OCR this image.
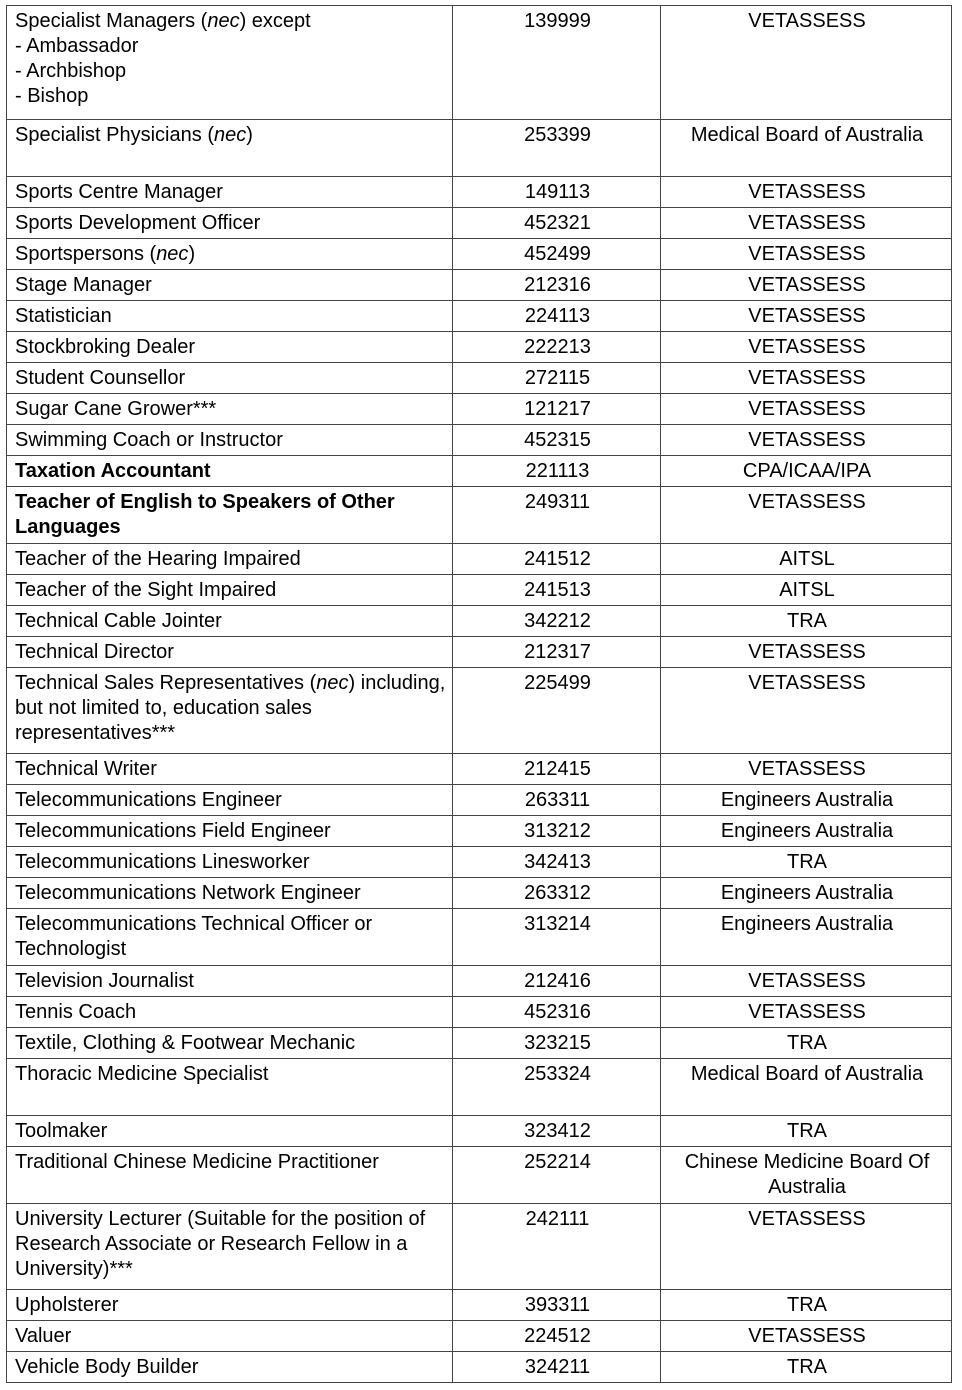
Specialist Managers (nec) except
- Ambassador
- Archbishop
- Bishop	139999	VETASSESS
Specialist Physicians (nec)	253399	Medical Board of Australia
Sports Centre Manager	149113	VETASSESS
Sports Development Officer	452321	VETASSESS
Sportspersons (nec)	452499	VETASSESS
Stage Manager	212316	VETASSESS
Statistician	224113	VETASSESS
Stockbroking Dealer	222213	VETASSESS
Student Counsellor	272115	VETASSESS
Sugar Cane Grower***	121217	VETASSESS
Swimming Coach or Instructor	452315	VETASSESS
Taxation Accountant	221113	CPA/ICAA/IPA
Teacher of English to Speakers of Other Languages	249311	VETASSESS
Teacher of the Hearing Impaired	241512	AITSL
Teacher of the Sight Impaired	241513	AITSL
Technical Cable Jointer	342212	TRA
Technical Director	212317	VETASSESS
Technical Sales Representatives (nec) including, but not limited to, education sales representatives***	225499	VETASSESS
Technical Writer	212415	VETASSESS
Telecommunications Engineer	263311	Engineers Australia
Telecommunications Field Engineer	313212	Engineers Australia
Telecommunications Linesworker	342413	TRA
Telecommunications Network Engineer	263312	Engineers Australia
Telecommunications Technical Officer or Technologist	313214	Engineers Australia
Television Journalist	212416	VETASSESS
Tennis Coach	452316	VETASSESS
Textile, Clothing & Footwear Mechanic	323215	TRA
Thoracic Medicine Specialist	253324	Medical Board of Australia
Toolmaker	323412	TRA
Traditional Chinese Medicine Practitioner	252214	Chinese Medicine Board Of Australia
University Lecturer (Suitable for the position of Research Associate or Research Fellow in a University)***	242111	VETASSESS
Upholsterer	393311	TRA
Valuer	224512	VETASSESS
Vehicle Body Builder	324211	TRA
